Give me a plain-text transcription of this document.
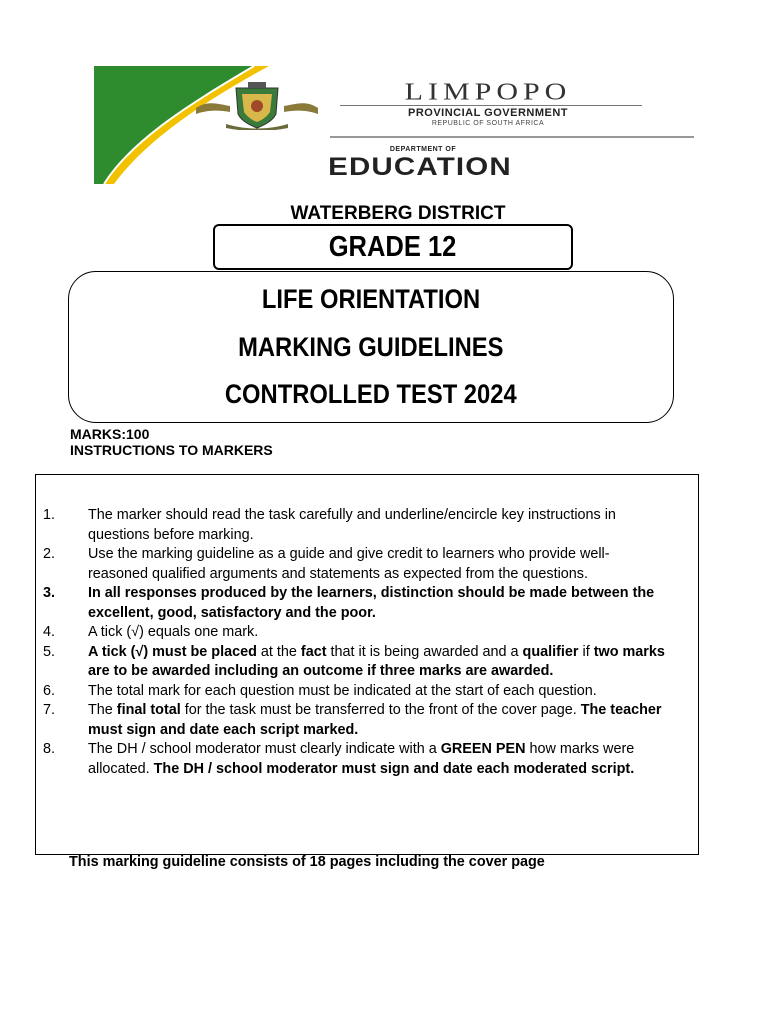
LIMPOPO
PROVINCIAL GOVERNMENT
REPUBLIC OF SOUTH AFRICA
DEPARTMENT OF
EDUCATION
WATERBERG DISTRICT
GRADE 12
LIFE ORIENTATION
MARKING GUIDELINES
CONTROLLED TEST 2024
MARKS:100
INSTRUCTIONS TO MARKERS
1. The marker should read the task carefully and underline/encircle key instructions in questions before marking.
2. Use the marking guideline as a guide and give credit to learners who provide well-reasoned qualified arguments and statements as expected from the questions.
3. In all responses produced by the learners, distinction should be made between the excellent, good, satisfactory and the poor.
4. A tick (√) equals one mark.
5. A tick (√) must be placed at the fact that it is being awarded and a qualifier if two marks are to be awarded including an outcome if three marks are awarded.
6. The total mark for each question must be indicated at the start of each question.
7. The final total for the task must be transferred to the front of the cover page. The teacher must sign and date each script marked.
8. The DH / school moderator must clearly indicate with a GREEN PEN how marks were allocated. The DH / school moderator must sign and date each moderated script.
This marking guideline consists of 18 pages including the cover page
